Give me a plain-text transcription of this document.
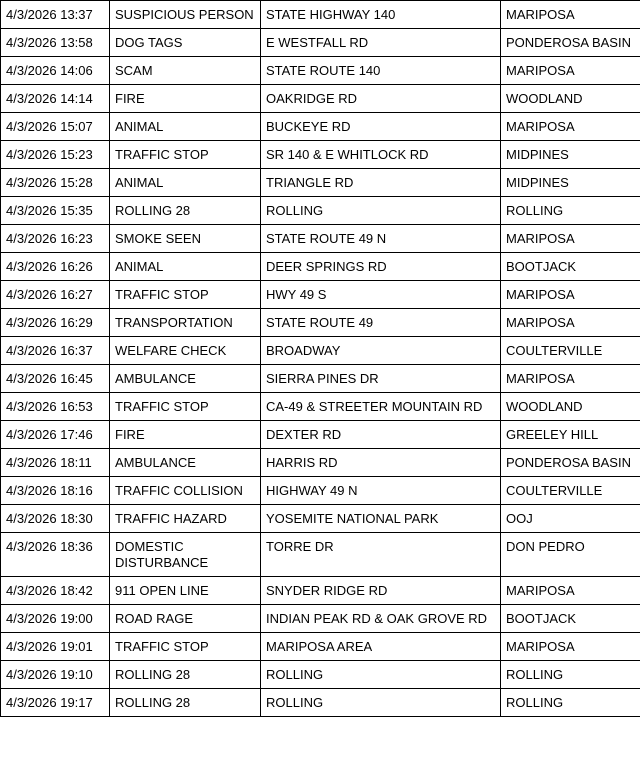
4/3/2026 13:37	SUSPICIOUS PERSON	STATE HIGHWAY 140	MARIPOSA
4/3/2026 13:58	DOG TAGS	E WESTFALL RD	PONDEROSA BASIN
4/3/2026 14:06	SCAM	STATE ROUTE 140	MARIPOSA
4/3/2026 14:14	FIRE	OAKRIDGE RD	WOODLAND
4/3/2026 15:07	ANIMAL	BUCKEYE RD	MARIPOSA
4/3/2026 15:23	TRAFFIC STOP	SR 140 & E WHITLOCK RD	MIDPINES
4/3/2026 15:28	ANIMAL	TRIANGLE RD	MIDPINES
4/3/2026 15:35	ROLLING 28	ROLLING	ROLLING
4/3/2026 16:23	SMOKE SEEN	STATE ROUTE 49 N	MARIPOSA
4/3/2026 16:26	ANIMAL	DEER SPRINGS RD	BOOTJACK
4/3/2026 16:27	TRAFFIC STOP	HWY 49 S	MARIPOSA
4/3/2026 16:29	TRANSPORTATION	STATE ROUTE 49	MARIPOSA
4/3/2026 16:37	WELFARE CHECK	BROADWAY	COULTERVILLE
4/3/2026 16:45	AMBULANCE	SIERRA PINES DR	MARIPOSA
4/3/2026 16:53	TRAFFIC STOP	CA-49 & STREETER MOUNTAIN RD	WOODLAND
4/3/2026 17:46	FIRE	DEXTER RD	GREELEY HILL
4/3/2026 18:11	AMBULANCE	HARRIS RD	PONDEROSA BASIN
4/3/2026 18:16	TRAFFIC COLLISION	HIGHWAY 49 N	COULTERVILLE
4/3/2026 18:30	TRAFFIC HAZARD	YOSEMITE NATIONAL PARK	OOJ
4/3/2026 18:36	DOMESTIC DISTURBANCE	TORRE DR	DON PEDRO
4/3/2026 18:42	911 OPEN LINE	SNYDER RIDGE RD	MARIPOSA
4/3/2026 19:00	ROAD RAGE	INDIAN PEAK RD & OAK GROVE RD	BOOTJACK
4/3/2026 19:01	TRAFFIC STOP	MARIPOSA AREA	MARIPOSA
4/3/2026 19:10	ROLLING 28	ROLLING	ROLLING
4/3/2026 19:17	ROLLING 28	ROLLING	ROLLING
